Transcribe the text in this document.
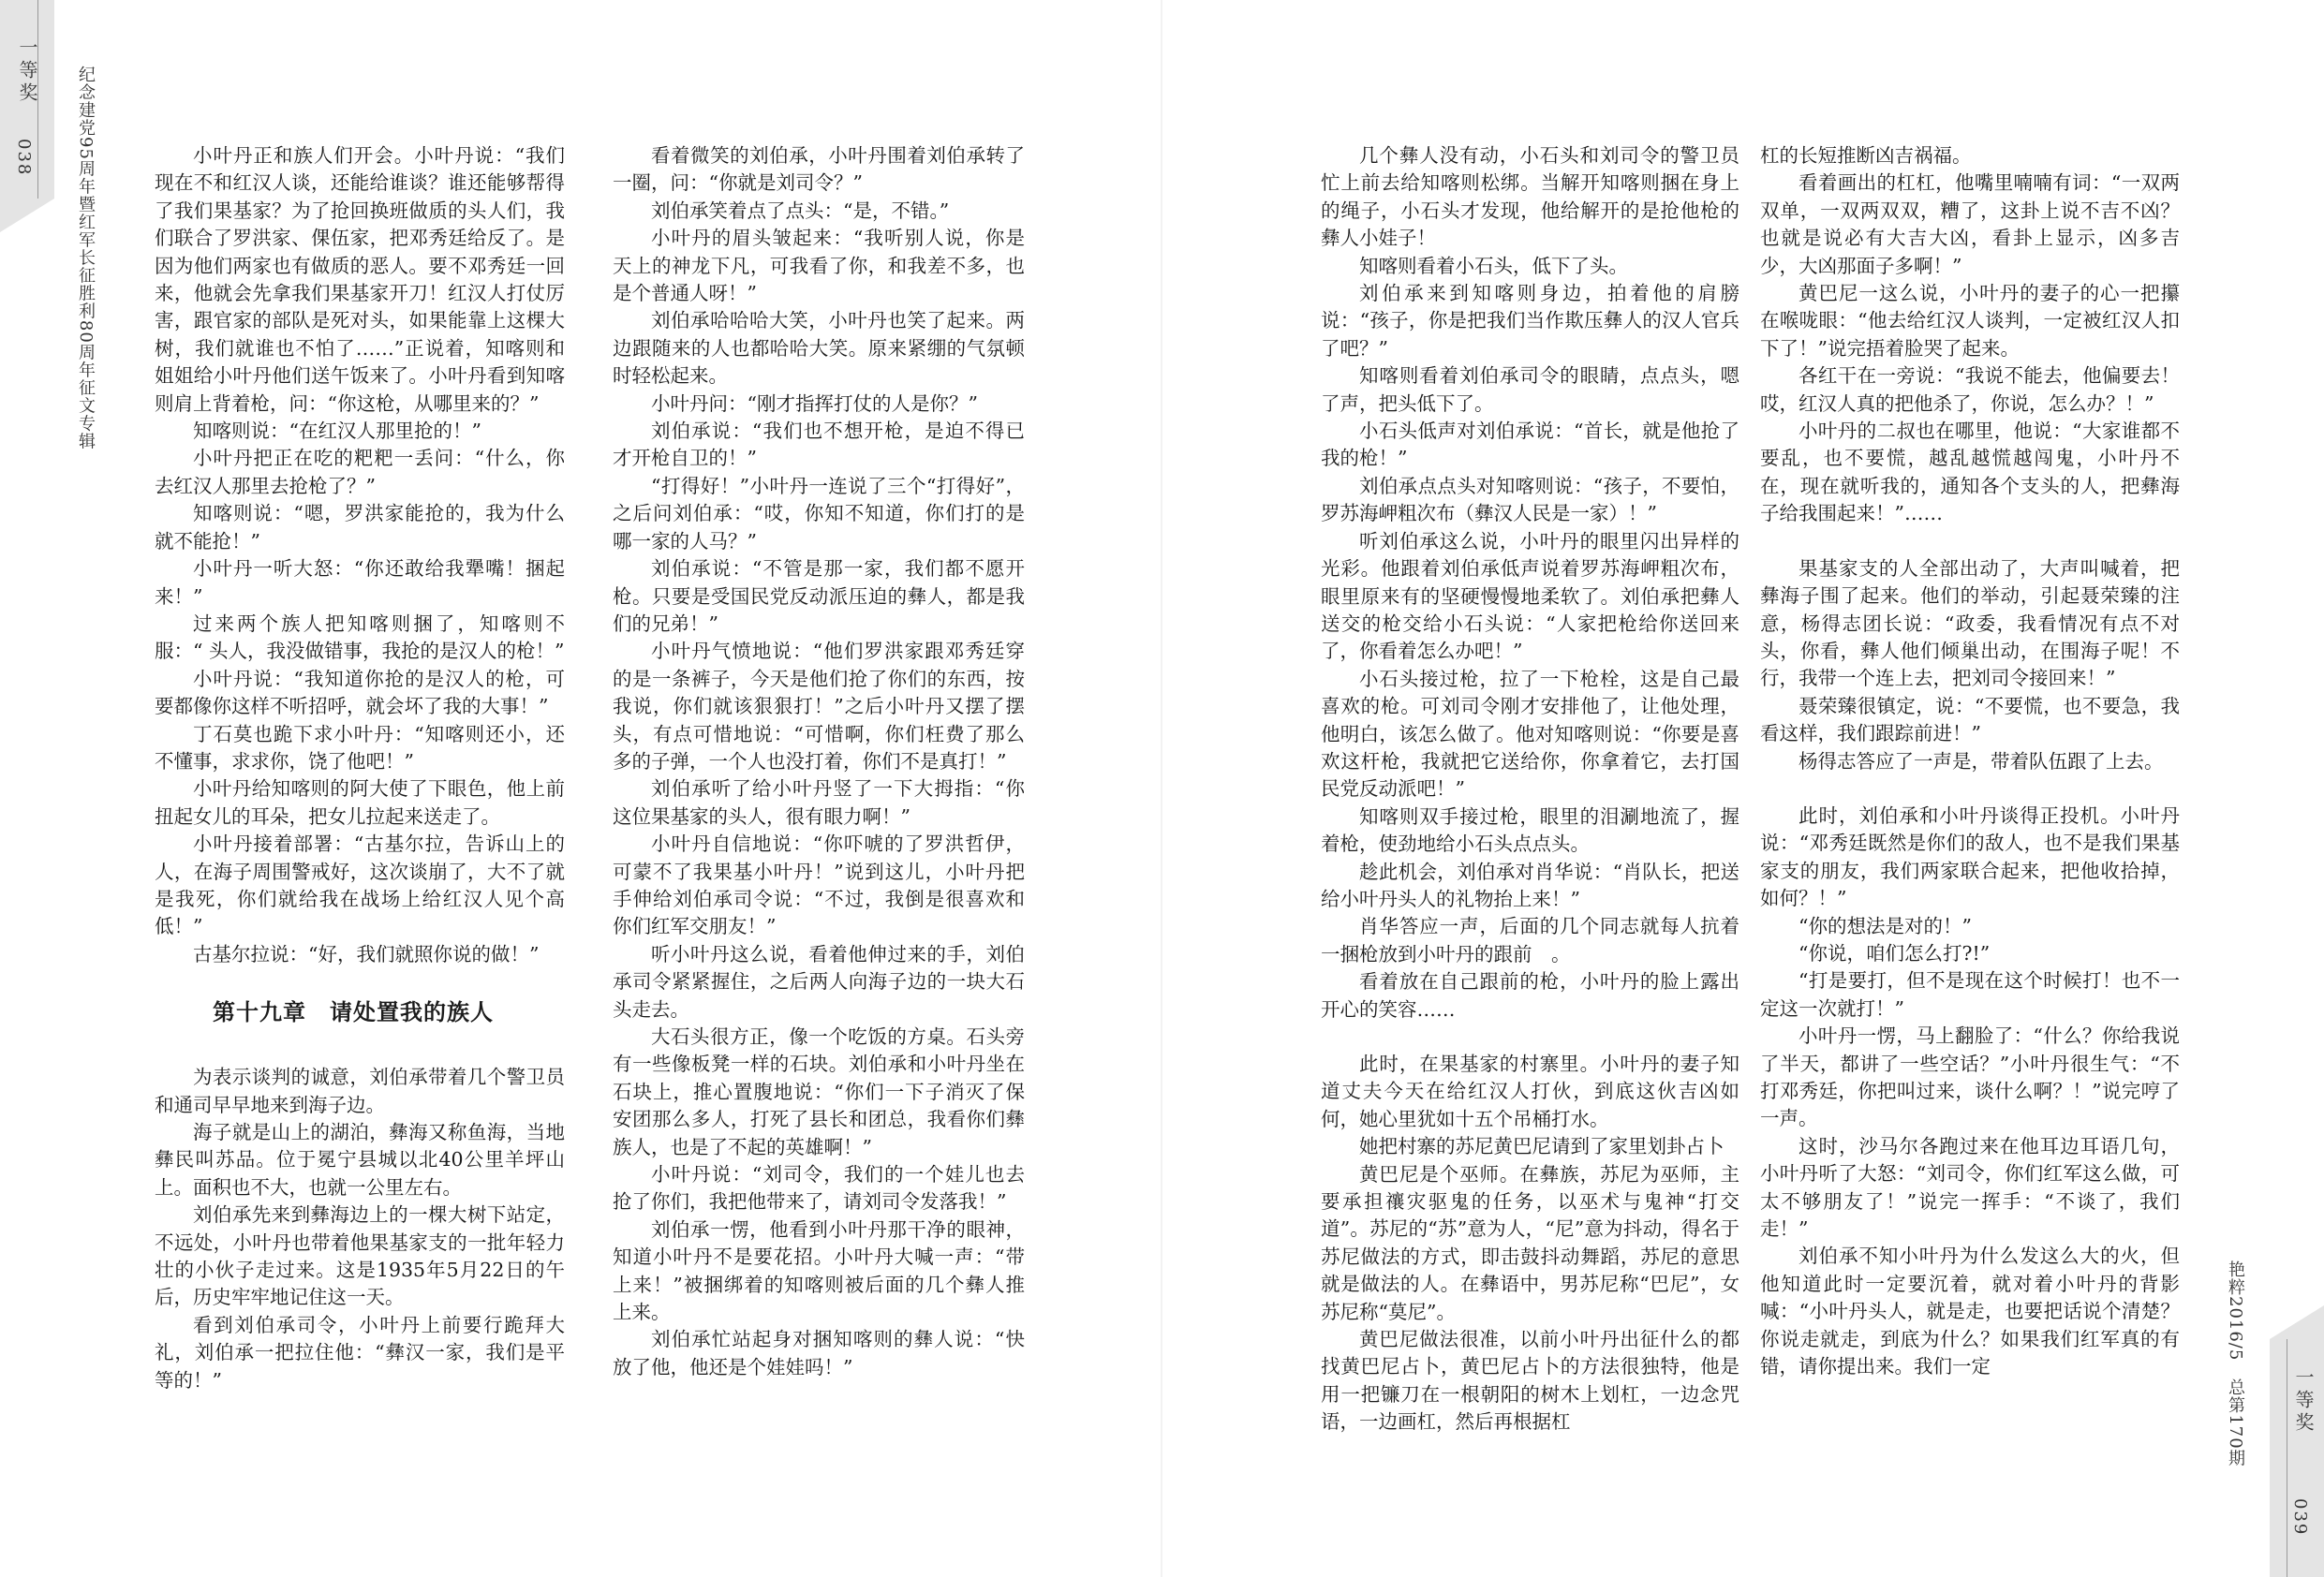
一等奖
038	纪念建党95周年暨红军长征胜利80周年征文专辑	小叶丹正和族人们开会。小叶丹说：“我们现在不和红汉人谈，还能给谁谈？谁还能够帮得了我们果基家？为了抢回换班做质的头人们，我们联合了罗洪家、倮伍家，把邓秀廷给反了。是因为他们两家也有做质的恶人。要不邓秀廷一回来，他就会先拿我们果基家开刀！红汉人打仗厉害，跟官家的部队是死对头，如果能靠上这棵大树，我们就谁也不怕了……”正说着，知喀则和姐姐给小叶丹他们送午饭来了。小叶丹看到知喀则肩上背着枪，问：“你这枪，从哪里来的？”

知喀则说：“在红汉人那里抢的！”

小叶丹把正在吃的粑粑一丢问：“什么，你去红汉人那里去抢枪了？”

知喀则说：“嗯，罗洪家能抢的，我为什么就不能抢！”

小叶丹一听大怒：“你还敢给我犟嘴！捆起来！”

过来两个族人把知喀则捆了，知喀则不服：“ 头人，我没做错事，我抢的是汉人的枪！”

小叶丹说：“我知道你抢的是汉人的枪，可要都像你这样不听招呼，就会坏了我的大事！”

丁石莫也跪下求小叶丹：“知喀则还小，还不懂事，求求你，饶了他吧！”

小叶丹给知喀则的阿大使了下眼色，他上前扭起女儿的耳朵，把女儿拉起来送走了。

小叶丹接着部署：“古基尔拉，告诉山上的人，在海子周围警戒好，这次谈崩了，大不了就是我死，你们就给我在战场上给红汉人见个高低！”

古基尔拉说：“好，我们就照你说的做！”

第十九章　请处置我的族人

为表示谈判的诚意，刘伯承带着几个警卫员和通司早早地来到海子边。

海子就是山上的湖泊，彝海又称鱼海，当地彝民叫苏品。位于冕宁县城以北40公里羊坪山上。面积也不大，也就一公里左右。

刘伯承先来到彝海边上的一棵大树下站定，不远处，小叶丹也带着他果基家支的一批年轻力壮的小伙子走过来。这是1935年5月22日的午后，历史牢牢地记住这一天。

看到刘伯承司令，小叶丹上前要行跪拜大礼，刘伯承一把拉住他：“彝汉一家，我们是平等的！”

看着微笑的刘伯承，小叶丹围着刘伯承转了一圈，问：“你就是刘司令？”

刘伯承笑着点了点头：“是，不错。”

小叶丹的眉头皱起来：“我听别人说，你是天上的神龙下凡，可我看了你，和我差不多，也是个普通人呀！”

刘伯承哈哈哈大笑，小叶丹也笑了起来。两边跟随来的人也都哈哈大笑。原来紧绷的气氛顿时轻松起来。

小叶丹问：“刚才指挥打仗的人是你？”

刘伯承说：“我们也不想开枪，是迫不得已才开枪自卫的！”

“打得好！”小叶丹一连说了三个“打得好”，之后问刘伯承：“哎，你知不知道，你们打的是哪一家的人马？”

刘伯承说：“不管是那一家，我们都不愿开枪。只要是受国民党反动派压迫的彝人，都是我们的兄弟！”

小叶丹气愤地说：“他们罗洪家跟邓秀廷穿的是一条裤子，今天是他们抢了你们的东西，按我说，你们就该狠狠打！”之后小叶丹又摆了摆头，有点可惜地说：“可惜啊，你们枉费了那么多的子弹，一个人也没打着，你们不是真打！”

刘伯承听了给小叶丹竖了一下大拇指：“你这位果基家的头人，很有眼力啊！”

小叶丹自信地说：“你吓唬的了罗洪哲伊，可蒙不了我果基小叶丹！”说到这儿，小叶丹把手伸给刘伯承司令说：“不过，我倒是很喜欢和你们红军交朋友！”

听小叶丹这么说，看着他伸过来的手，刘伯承司令紧紧握住，之后两人向海子边的一块大石头走去。

大石头很方正，像一个吃饭的方桌。石头旁有一些像板凳一样的石块。刘伯承和小叶丹坐在石块上，推心置腹地说：“你们一下子消灭了保安团那么多人，打死了县长和团总，我看你们彝族人，也是了不起的英雄啊！”

小叶丹说：“刘司令，我们的一个娃儿也去抢了你们，我把他带来了，请刘司令发落我！”

刘伯承一愣，他看到小叶丹那干净的眼神，知道小叶丹不是要花招。小叶丹大喊一声：“带上来！”被捆绑着的知喀则被后面的几个彝人推上来。

刘伯承忙站起身对捆知喀则的彝人说：“快放了他，他还是个娃娃吗！”

几个彝人没有动，小石头和刘司令的警卫员忙上前去给知喀则松绑。当解开知喀则捆在身上的绳子，小石头才发现，他给解开的是抢他枪的彝人小娃子！

知喀则看着小石头，低下了头。

刘伯承来到知喀则身边，拍着他的肩膀说：“孩子，你是把我们当作欺压彝人的汉人官兵了吧？”

知喀则看着刘伯承司令的眼睛，点点头，嗯了声，把头低下了。

小石头低声对刘伯承说：“首长，就是他抢了我的枪！”

刘伯承点点头对知喀则说：“孩子，不要怕，罗苏海岬粗次布（彝汉人民是一家）！”

听刘伯承这么说，小叶丹的眼里闪出异样的光彩。他跟着刘伯承低声说着罗苏海岬粗次布，眼里原来有的坚硬慢慢地柔软了。刘伯承把彝人送交的枪交给小石头说：“人家把枪给你送回来了，你看着怎么办吧！”

小石头接过枪，拉了一下枪栓，这是自己最喜欢的枪。可刘司令刚才安排他了，让他处理，他明白，该怎么做了。他对知喀则说：“你要是喜欢这杆枪，我就把它送给你，你拿着它，去打国民党反动派吧！”

知喀则双手接过枪，眼里的泪涮地流了，握着枪，使劲地给小石头点点头。

趁此机会，刘伯承对肖华说：“肖队长，把送给小叶丹头人的礼物抬上来！”

肖华答应一声，后面的几个同志就每人抗着一捆枪放到小叶丹的跟前　。

看着放在自己跟前的枪，小叶丹的脸上露出开心的笑容……

此时，在果基家的村寨里。小叶丹的妻子知道丈夫今天在给红汉人打伙，到底这伙吉凶如何，她心里犹如十五个吊桶打水。

她把村寨的苏尼黄巴尼请到了家里划卦占卜

黄巴尼是个巫师。在彝族，苏尼为巫师，主要承担禳灾驱鬼的任务，以巫术与鬼神“打交道”。苏尼的“苏”意为人，“尼”意为抖动，得名于苏尼做法的方式，即击鼓抖动舞蹈，苏尼的意思就是做法的人。在彝语中，男苏尼称“巴尼”，女苏尼称“莫尼”。

黄巴尼做法很准，以前小叶丹出征什么的都找黄巴尼占卜，黄巴尼占卜的方法很独特，他是用一把镰刀在一根朝阳的树木上划杠，一边念咒语，一边画杠，然后再根据杠

杠的长短推断凶吉祸福。

看着画出的杠杠，他嘴里喃喃有词：“一双两双单，一双两双双，糟了，这卦上说不吉不凶？也就是说必有大吉大凶，看卦上显示，凶多吉少，大凶那面子多啊！”

黄巴尼一这么说，小叶丹的妻子的心一把攥在喉咙眼：“他去给红汉人谈判，一定被红汉人扣下了！”说完捂着脸哭了起来。

各红干在一旁说：“我说不能去，他偏要去！哎，红汉人真的把他杀了，你说，怎么办？！”

小叶丹的二叔也在哪里，他说：“大家谁都不要乱，也不要慌，越乱越慌越闯鬼，小叶丹不在，现在就听我的，通知各个支头的人，把彝海子给我围起来！”……

果基家支的人全部出动了，大声叫喊着，把彝海子围了起来。他们的举动，引起聂荣臻的注意，杨得志团长说：“政委，我看情况有点不对头，你看，彝人他们倾巢出动，在围海子呢！不行，我带一个连上去，把刘司令接回来！”

聂荣臻很镇定，说：“不要慌，也不要急，我看这样，我们跟踪前进！”

杨得志答应了一声是，带着队伍跟了上去。

此时，刘伯承和小叶丹谈得正投机。小叶丹说：“邓秀廷既然是你们的敌人，也不是我们果基家支的朋友，我们两家联合起来，把他收拾掉，如何？！”

“你的想法是对的！”

“你说，咱们怎么打?!”

“打是要打，但不是现在这个时候打！也不一定这一次就打！”

小叶丹一愣，马上翻脸了：“什么？你给我说了半天，都讲了一些空话？”小叶丹很生气：“不打邓秀廷，你把叫过来，谈什么啊？！”说完哼了一声。

这时，沙马尔各跑过来在他耳边耳语几句，小叶丹听了大怒：“刘司令，你们红军这么做，可太不够朋友了！”说完一挥手：“不谈了，我们走！”

刘伯承不知小叶丹为什么发这么大的火，但他知道此时一定要沉着，就对着小叶丹的背影喊：“小叶丹头人，就是走，也要把话说个清楚？你说走就走，到底为什么？如果我们红军真的有错，请你提出来。我们一定	艳粹2016/5　总第170期	一等奖
039
